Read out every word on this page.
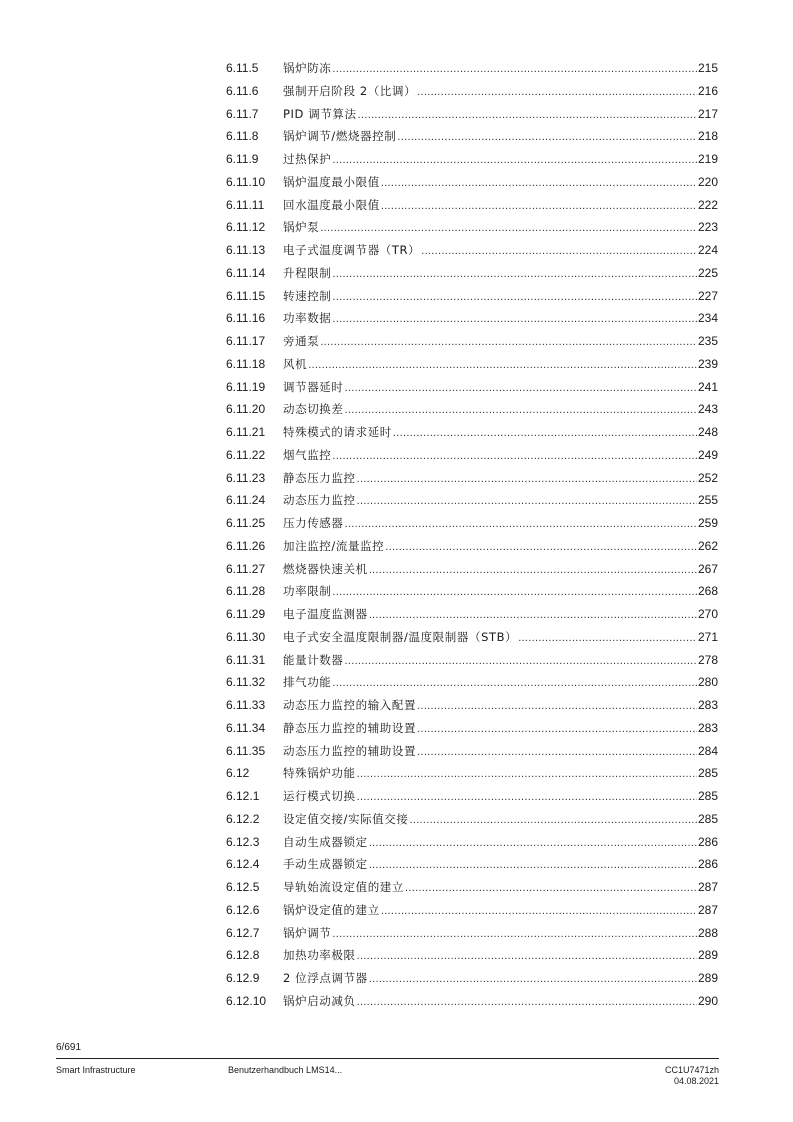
6.11.5	锅炉防冻 .....	215
6.11.6	强制开启阶段 2（比调） .....	216
6.11.7	PID 调节算法 .....	217
6.11.8	锅炉调节/燃烧器控制 .....	218
6.11.9	过热保护 .....	219
6.11.10	锅炉温度最小限值 .....	220
6.11.11	回水温度最小限值 .....	222
6.11.12	锅炉泵 .....	223
6.11.13	电子式温度调节器（TR） .....	224
6.11.14	升程限制 .....	225
6.11.15	转速控制 .....	227
6.11.16	功率数据 .....	234
6.11.17	旁通泵 .....	235
6.11.18	风机 .....	239
6.11.19	调节器延时 .....	241
6.11.20	动态切换差 .....	243
6.11.21	特殊模式的请求延时 .....	248
6.11.22	烟气监控 .....	249
6.11.23	静态压力监控 .....	252
6.11.24	动态压力监控 .....	255
6.11.25	压力传感器 .....	259
6.11.26	加注监控/流量监控 .....	262
6.11.27	燃烧器快速关机 .....	267
6.11.28	功率限制 .....	268
6.11.29	电子温度监测器 .....	270
6.11.30	电子式安全温度限制器/温度限制器（STB） .....	271
6.11.31	能量计数器 .....	278
6.11.32	排气功能 .....	280
6.11.33	动态压力监控的输入配置 .....	283
6.11.34	静态压力监控的辅助设置 .....	283
6.11.35	动态压力监控的辅助设置 .....	284
6.12	特殊锅炉功能 .....	285
6.12.1	运行模式切换 .....	285
6.12.2	设定值交接/实际值交接 .....	285
6.12.3	自动生成器锁定 .....	286
6.12.4	手动生成器锁定 .....	286
6.12.5	导轨始流设定值的建立 .....	287
6.12.6	锅炉设定值的建立 .....	287
6.12.7	锅炉调节 .....	288
6.12.8	加热功率极限 .....	289
6.12.9	2 位浮点调节器 .....	289
6.12.10	锅炉启动减负 .....	290
6/691
Smart Infrastructure	Benutzerhandbuch LMS14...	CC1U7471zh
04.08.2021
